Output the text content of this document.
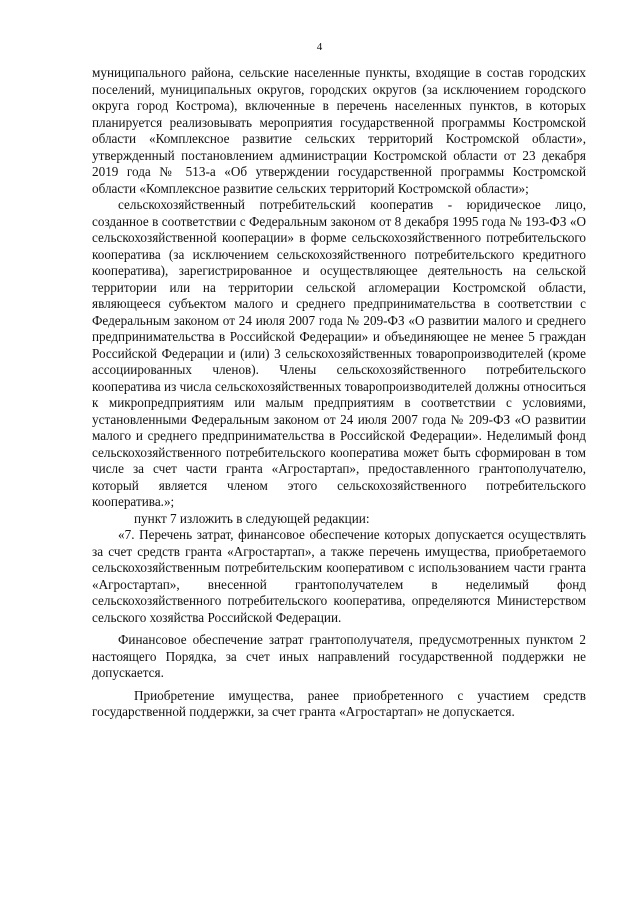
4

муниципального района, сельские населенные пункты, входящие в состав городских поселений, муниципальных округов, городских округов (за исключением городского округа город Кострома), включенные в перечень населенных пунктов, в которых планируется реализовывать мероприятия государственной программы Костромской области «Комплексное развитие сельских территорий Костромской области», утвержденный постановлением администрации Костромской области от 23 декабря 2019 года № 513-а «Об утверждении государственной программы Костромской области «Комплексное развитие сельских территорий Костромской области»;

сельскохозяйственный потребительский кооператив - юридическое лицо, созданное в соответствии с Федеральным законом от 8 декабря 1995 года № 193-ФЗ «О сельскохозяйственной кооперации» в форме сельскохозяйственного потребительского кооператива (за исключением сельскохозяйственного потребительского кредитного кооператива), зарегистрированное и осуществляющее деятельность на сельской территории или на территории сельской агломерации Костромской области, являющееся субъектом малого и среднего предпринимательства в соответствии с Федеральным законом от 24 июля 2007 года № 209-ФЗ «О развитии малого и среднего предпринимательства в Российской Федерации» и объединяющее не менее 5 граждан Российской Федерации и (или) 3 сельскохозяйственных товаропроизводителей (кроме ассоциированных членов). Члены сельскохозяйственного потребительского кооператива из числа сельскохозяйственных товаропроизводителей должны относиться к микропредприятиям или малым предприятиям в соответствии с условиями, установленными Федеральным законом от 24 июля 2007 года № 209-ФЗ «О развитии малого и среднего предпринимательства в Российской Федерации». Неделимый фонд сельскохозяйственного потребительского кооператива может быть сформирован в том числе за счет части гранта «Агростартап», предоставленного грантополучателю, который является членом этого сельскохозяйственного потребительского кооператива.»;

пункт 7 изложить в следующей редакции:

«7. Перечень затрат, финансовое обеспечение которых допускается осуществлять за счет средств гранта «Агростартап», а также перечень имущества, приобретаемого сельскохозяйственным потребительским кооперативом с использованием части гранта «Агростартап», внесенной грантополучателем в неделимый фонд сельскохозяйственного потребительского кооператива, определяются Министерством сельского хозяйства Российской Федерации.

Финансовое обеспечение затрат грантополучателя, предусмотренных пунктом 2 настоящего Порядка, за счет иных направлений государственной поддержки не допускается.

Приобретение имущества, ранее приобретенного с участием средств государственной поддержки, за счет гранта «Агростартап» не допускается.
